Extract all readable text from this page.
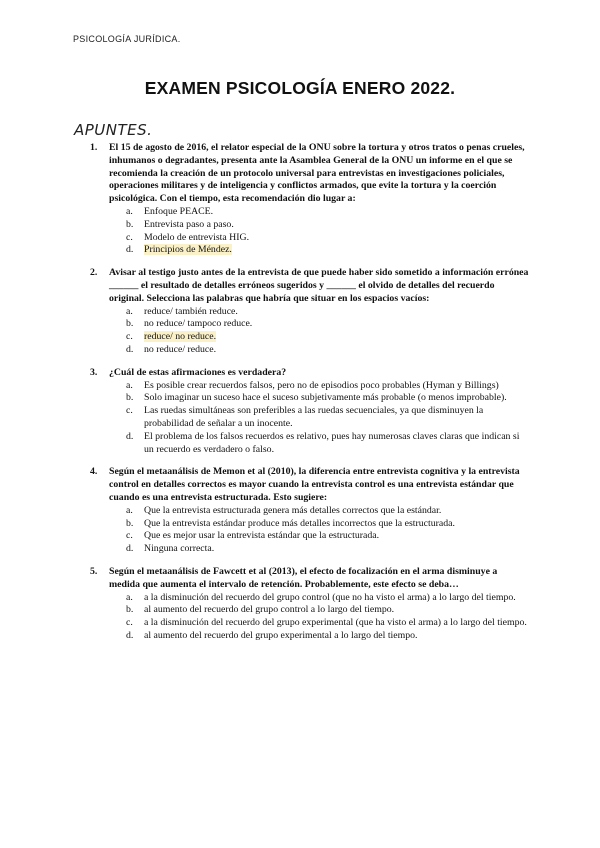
PSICOLOGÍA JURÍDICA.
EXAMEN PSICOLOGÍA ENERO 2022.
APUNTES.
1. El 15 de agosto de 2016, el relator especial de la ONU sobre la tortura y otros tratos o penas crueles, inhumanos o degradantes, presenta ante la Asamblea General de la ONU un informe en el que se recomienda la creación de un protocolo universal para entrevistas en investigaciones policiales, operaciones militares y de inteligencia y conflictos armados, que evite la tortura y la coerción psicológica. Con el tiempo, esta recomendación dio lugar a:
a. Enfoque PEACE.
b. Entrevista paso a paso.
c. Modelo de entrevista HIG.
d. Principios de Méndez.
2. Avisar al testigo justo antes de la entrevista de que puede haber sido sometido a información errónea ______ el resultado de detalles erróneos sugeridos y ______ el olvido de detalles del recuerdo original. Selecciona las palabras que habría que situar en los espacios vacíos:
a. reduce/ también reduce.
b. no reduce/ tampoco reduce.
c. reduce/ no reduce.
d. no reduce/ reduce.
3. ¿Cuál de estas afirmaciones es verdadera?
a. Es posible crear recuerdos falsos, pero no de episodios poco probables (Hyman y Billings)
b. Solo imaginar un suceso hace el suceso subjetivamente más probable (o menos improbable).
c. Las ruedas simultáneas son preferibles a las ruedas secuenciales, ya que disminuyen la probabilidad de señalar a un inocente.
d. El problema de los falsos recuerdos es relativo, pues hay numerosas claves claras que indican si un recuerdo es verdadero o falso.
4. Según el metaanálisis de Memon et al (2010), la diferencia entre entrevista cognitiva y la entrevista control en detalles correctos es mayor cuando la entrevista control es una entrevista estándar que cuando es una entrevista estructurada. Esto sugiere:
a. Que la entrevista estructurada genera más detalles correctos que la estándar.
b. Que la entrevista estándar produce más detalles incorrectos que la estructurada.
c. Que es mejor usar la entrevista estándar que la estructurada.
d. Ninguna correcta.
5. Según el metaanálisis de Fawcett et al (2013), el efecto de focalización en el arma disminuye a medida que aumenta el intervalo de retención. Probablemente, este efecto se deba…
a. a la disminución del recuerdo del grupo control (que no ha visto el arma) a lo largo del tiempo.
b. al aumento del recuerdo del grupo control a lo largo del tiempo.
c. a la disminución del recuerdo del grupo experimental (que ha visto el arma) a lo largo del tiempo.
d. al aumento del recuerdo del grupo experimental a lo largo del tiempo.
